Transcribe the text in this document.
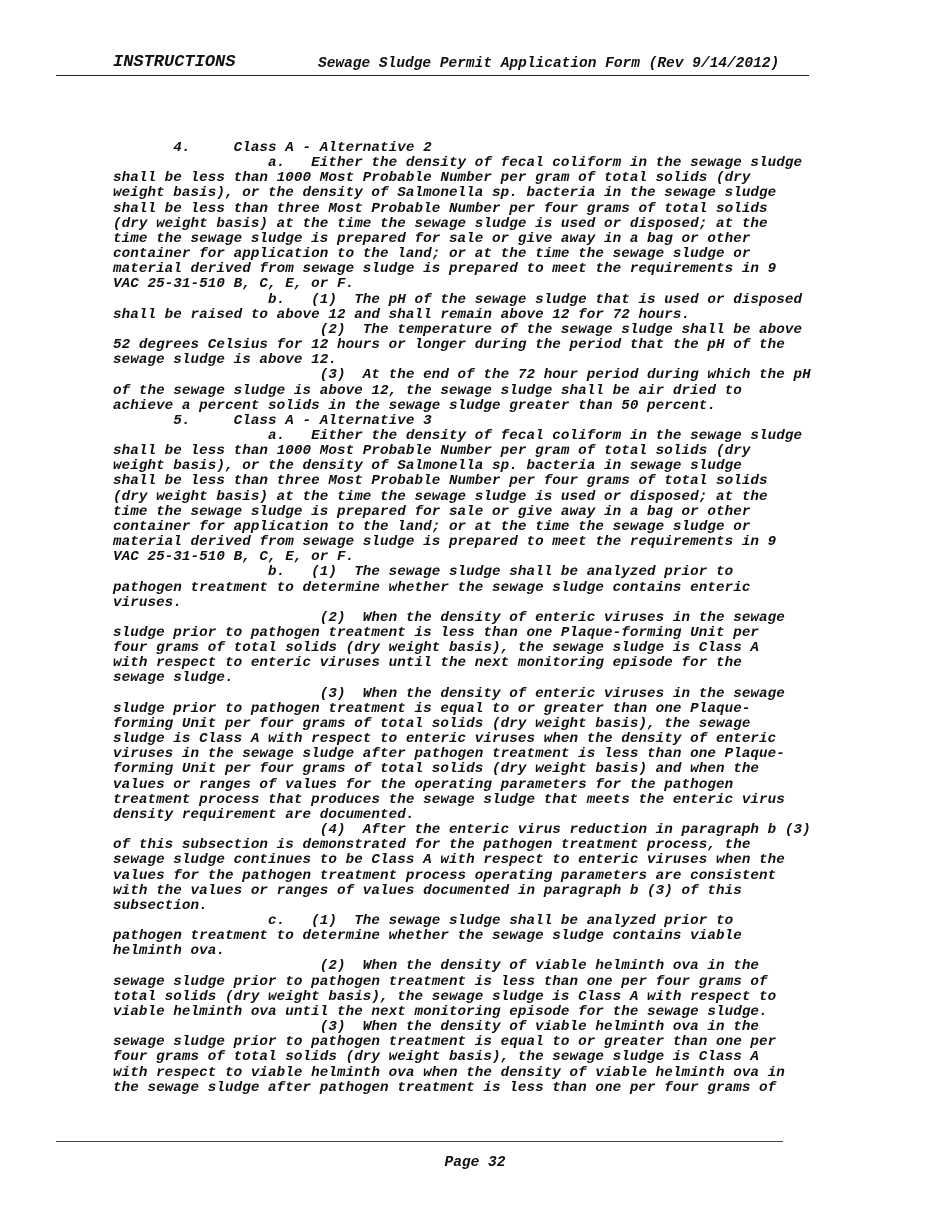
INSTRUCTIONS	Sewage Sludge Permit Application Form (Rev 9/14/2012)
4.     Class A - Alternative 2
a.   Either the density of fecal coliform in the sewage sludge
shall be less than 1000 Most Probable Number per gram of total solids (dry
weight basis), or the density of Salmonella sp. bacteria in the sewage sludge
shall be less than three Most Probable Number per four grams of total solids
(dry weight basis) at the time the sewage sludge is used or disposed; at the
time the sewage sludge is prepared for sale or give away in a bag or other
container for application to the land; or at the time the sewage sludge or
material derived from sewage sludge is prepared to meet the requirements in 9
VAC 25-31-510 B, C, E, or F.
b.   (1)  The pH of the sewage sludge that is used or disposed
shall be raised to above 12 and shall remain above 12 for 72 hours.
(2)  The temperature of the sewage sludge shall be above
52 degrees Celsius for 12 hours or longer during the period that the pH of the
sewage sludge is above 12.
(3)  At the end of the 72 hour period during which the pH
of the sewage sludge is above 12, the sewage sludge shall be air dried to
achieve a percent solids in the sewage sludge greater than 50 percent.
5.     Class A - Alternative 3
a.   Either the density of fecal coliform in the sewage sludge
shall be less than 1000 Most Probable Number per gram of total solids (dry
weight basis), or the density of Salmonella sp. bacteria in sewage sludge
shall be less than three Most Probable Number per four grams of total solids
(dry weight basis) at the time the sewage sludge is used or disposed; at the
time the sewage sludge is prepared for sale or give away in a bag or other
container for application to the land; or at the time the sewage sludge or
material derived from sewage sludge is prepared to meet the requirements in 9
VAC 25-31-510 B, C, E, or F.
b.   (1)  The sewage sludge shall be analyzed prior to
pathogen treatment to determine whether the sewage sludge contains enteric
viruses.
(2)  When the density of enteric viruses in the sewage
sludge prior to pathogen treatment is less than one Plaque-forming Unit per
four grams of total solids (dry weight basis), the sewage sludge is Class A
with respect to enteric viruses until the next monitoring episode for the
sewage sludge.
(3)  When the density of enteric viruses in the sewage
sludge prior to pathogen treatment is equal to or greater than one Plaque-
forming Unit per four grams of total solids (dry weight basis), the sewage
sludge is Class A with respect to enteric viruses when the density of enteric
viruses in the sewage sludge after pathogen treatment is less than one Plaque-
forming Unit per four grams of total solids (dry weight basis) and when the
values or ranges of values for the operating parameters for the pathogen
treatment process that produces the sewage sludge that meets the enteric virus
density requirement are documented.
(4)  After the enteric virus reduction in paragraph b (3)
of this subsection is demonstrated for the pathogen treatment process, the
sewage sludge continues to be Class A with respect to enteric viruses when the
values for the pathogen treatment process operating parameters are consistent
with the values or ranges of values documented in paragraph b (3) of this
subsection.
c.   (1)  The sewage sludge shall be analyzed prior to
pathogen treatment to determine whether the sewage sludge contains viable
helminth ova.
(2)  When the density of viable helminth ova in the
sewage sludge prior to pathogen treatment is less than one per four grams of
total solids (dry weight basis), the sewage sludge is Class A with respect to
viable helminth ova until the next monitoring episode for the sewage sludge.
(3)  When the density of viable helminth ova in the
sewage sludge prior to pathogen treatment is equal to or greater than one per
four grams of total solids (dry weight basis), the sewage sludge is Class A
with respect to viable helminth ova when the density of viable helminth ova in
the sewage sludge after pathogen treatment is less than one per four grams of
Page 32
